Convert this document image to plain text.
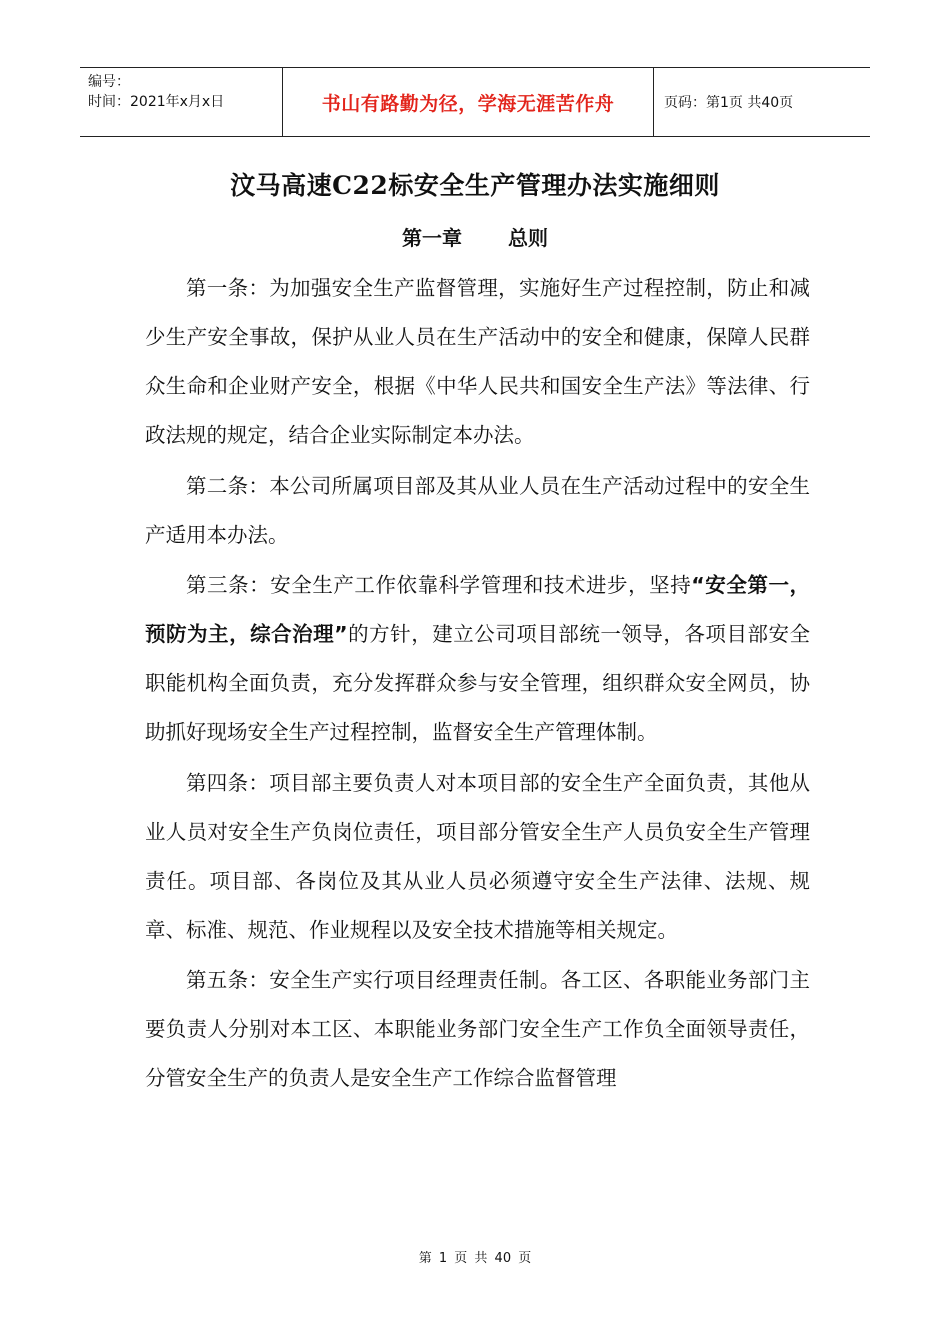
编号：
时间：2021年x月x日	书山有路勤为径，学海无涯苦作舟	页码：第1页 共40页
汶马高速C22标安全生产管理办法实施细则
第一章 总则

第一条：为加强安全生产监督管理，实施好生产过程控制，防止和减少生产安全事故，保护从业人员在生产活动中的安全和健康，保障人民群众生命和企业财产安全，根据《中华人民共和国安全生产法》等法律、行政法规的规定，结合企业实际制定本办法。

第二条：本公司所属项目部及其从业人员在生产活动过程中的安全生产适用本办法。

第三条：安全生产工作依靠科学管理和技术进步，坚持“安全第一，预防为主，综合治理”的方针，建立公司项目部统一领导，各项目部安全职能机构全面负责，充分发挥群众参与安全管理，组织群众安全网员，协助抓好现场安全生产过程控制，监督安全生产管理体制。

第四条：项目部主要负责人对本项目部的安全生产全面负责，其他从业人员对安全生产负岗位责任，项目部分管安全生产人员负安全生产管理责任。项目部、各岗位及其从业人员必须遵守安全生产法律、法规、规章、标准、规范、作业规程以及安全技术措施等相关规定。

第五条：安全生产实行项目经理责任制。各工区、各职能业务部门主要负责人分别对本工区、本职能业务部门安全生产工作负全面领导责任，分管安全生产的负责人是安全生产工作综合监督管理

第 1 页 共 40 页
